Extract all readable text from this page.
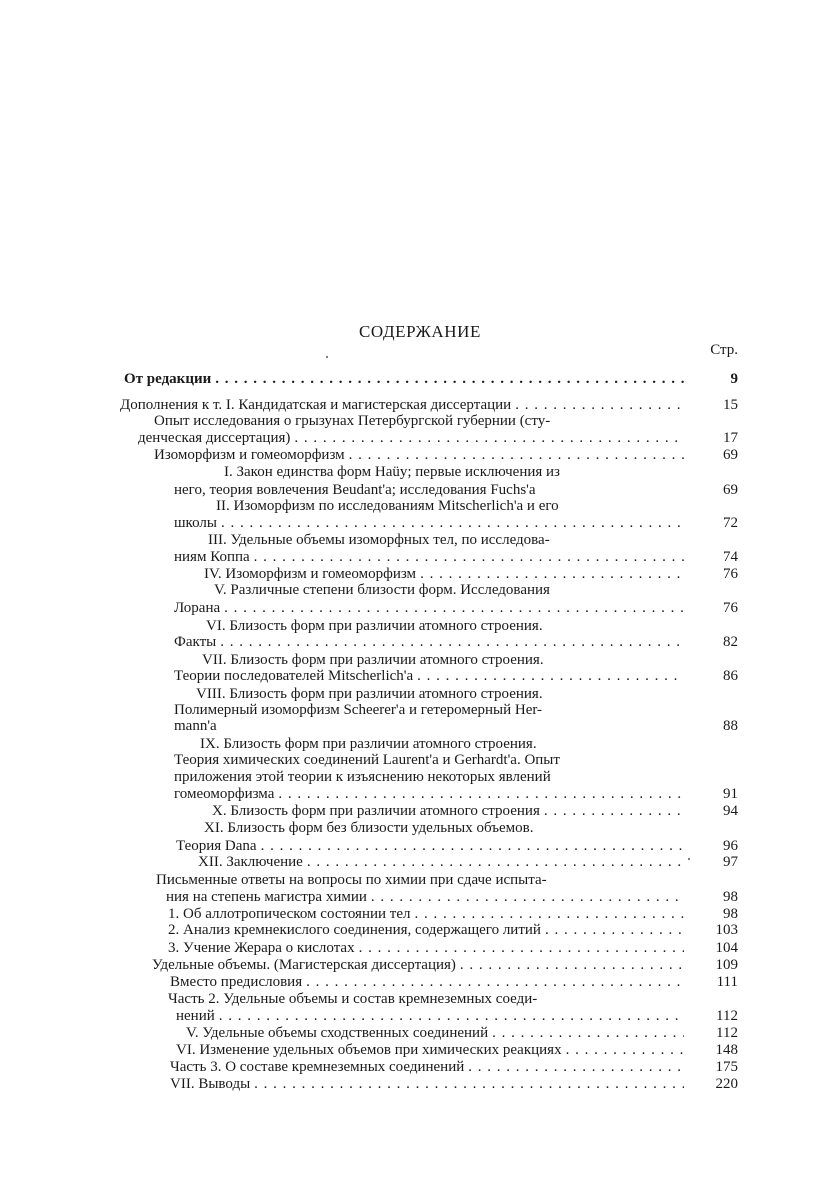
СОДЕРЖАНИЕ
Стр.
От редакции . . .	9
Дополнения к т. I. Кандидатская и магистерская диссертации . . .	15
Опыт исследования о грызунах Петербургской губернии (сту-
денческая диссертация) . . .	17
Изоморфизм и гомеоморфизм . . .	69
I. Закон единства форм Haüy; первые исключения из
него, теория вовлечения Beudant'a; исследования Fuchs'a	69
II. Изоморфизм по исследованиям Mitscherlich'a и его
школы . . .	72
III. Удельные объемы изоморфных тел, по исследова-
ниям Коппа . . .	74
IV. Изоморфизм и гомеоморфизм . . .	76
V. Различные степени близости форм. Исследования
Лорана . . .	76
VI. Близость форм при различии атомного строения.
Факты . . .	82
VII. Близость форм при различии атомного строения.
Теории последователей Mitscherlich'a . . .	86
VIII. Близость форм при различии атомного строения.
Полимерный изоморфизм Scheerer'a и гетеромерный Her-
mann'a	88
IX. Близость форм при различии атомного строения.
Теория химических соединений Laurent'a и Gerhardt'a. Опыт
приложения этой теории к изъяснению некоторых явлений
гомеоморфизма . . .	91
X. Близость форм при различии атомного строения . . .	94
XI. Близость форм без близости удельных объемов.
Теория Dana . . .	96
XII. Заключение . . .	97
Письменные ответы на вопросы по химии при сдаче испыта-
ния на степень магистра химии . . .	98
1. Об аллотропическом состоянии тел . . .	98
2. Анализ кремнекислого соединения, содержащего литий . . .	103
3. Учение Жерара о кислотах . . .	104
Удельные объемы. (Магистерская диссертация) . . .	109
Вместо предисловия . . .	111
Часть 2. Удельные объемы и состав кремнеземных соеди-
нений . . .	112
V. Удельные объемы сходственных соединений . . .	112
VI. Изменение удельных объемов при химических реакциях . . .	148
Часть 3. О составе кремнеземных соединений . . .	175
VII. Выводы . . .	220
